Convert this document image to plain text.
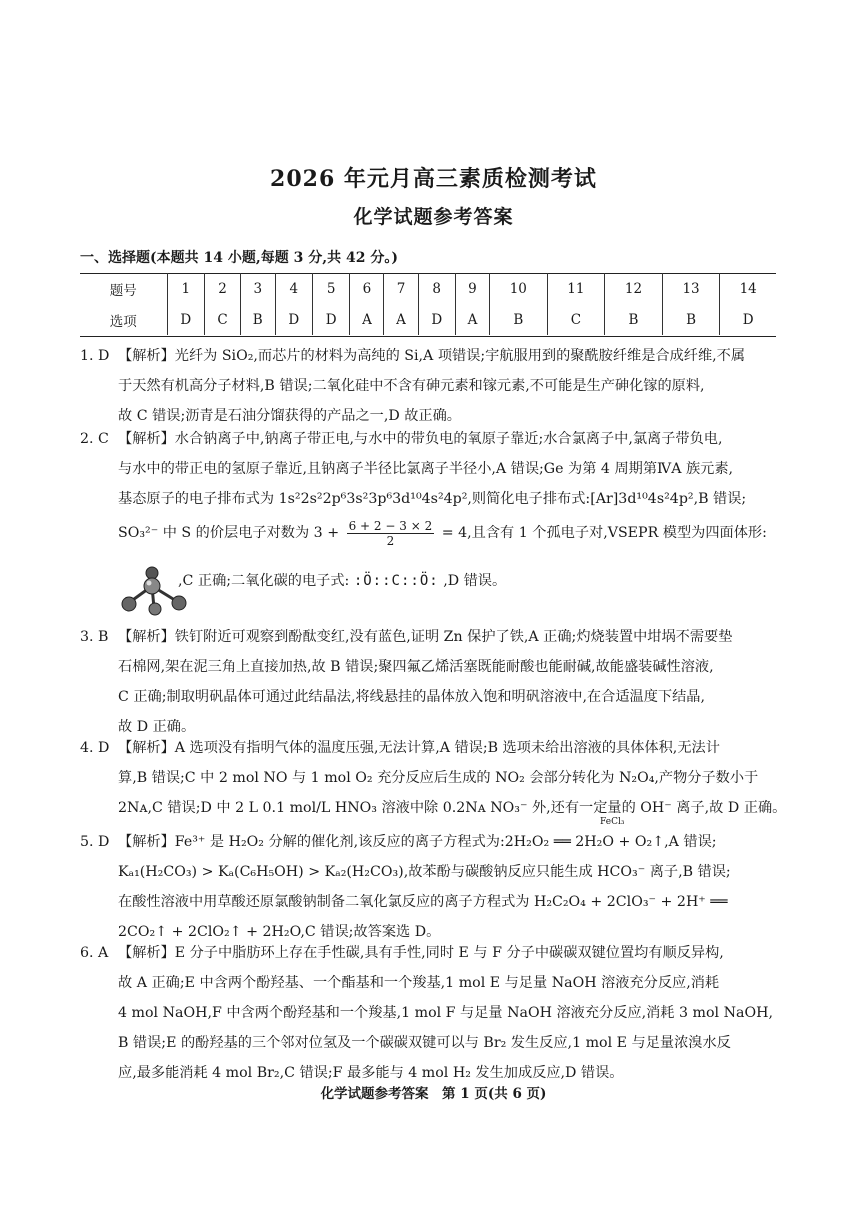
2026 年元月高三素质检测考试
化学试题参考答案
一、选择题(本题共 14 小题,每题 3 分,共 42 分。)
题号	1	2	3	4	5	6	7	8	9	10	11	12	13	14
选项	D	C	B	D	D	A	A	D	A	B	C	B	B	D
1. D 【解析】光纤为 SiO₂,而芯片的材料为高纯的 Si,A 项错误;宇航服用到的聚酰胺纤维是合成纤维,不属
于天然有机高分子材料,B 错误;二氧化硅中不含有砷元素和镓元素,不可能是生产砷化镓的原料,
故 C 错误;沥青是石油分馏获得的产品之一,D 故正确。
2. C 【解析】水合钠离子中,钠离子带正电,与水中的带负电的氧原子靠近;水合氯离子中,氯离子带负电,
与水中的带正电的氢原子靠近,且钠离子半径比氯离子半径小,A 错误;Ge 为第 4 周期第ⅣA 族元素,
基态原子的电子排布式为 1s²2s²2p⁶3s²3p⁶3d¹⁰4s²4p²,则简化电子排布式:[Ar]3d¹⁰4s²4p²,B 错误;
SO₃²⁻ 中 S 的价层电子对数为 $3 + \frac{6 + 2 - 3 \times 2}{2} = 4$,且含有 1 个孤电子对,VSEPR 模型为四面体形:
,C 正确;二氧化碳的电子式: :Ö::C::Ö: ,D 错误。
3. B 【解析】铁钉附近可观察到酚酞变红,没有蓝色,证明 Zn 保护了铁,A 正确;灼烧装置中坩埚不需要垫
石棉网,架在泥三角上直接加热,故 B 错误;聚四氟乙烯活塞既能耐酸也能耐碱,故能盛装碱性溶液,
C 正确;制取明矾晶体可通过此结晶法,将线悬挂的晶体放入饱和明矾溶液中,在合适温度下结晶,
故 D 正确。
4. D 【解析】A 选项没有指明气体的温度压强,无法计算,A 错误;B 选项未给出溶液的具体体积,无法计
算,B 错误;C 中 2 mol NO 与 1 mol O₂ 充分反应后生成的 NO₂ 会部分转化为 N₂O₄,产物分子数小于
2Nᴀ,C 错误;D 中 2 L 0.1 mol/L HNO₃ 溶液中除 0.2Nᴀ NO₃⁻ 外,还有一定量的 OH⁻ 离子,故 D 正确。
5. D 【解析】Fe³⁺ 是 H₂O₂ 分解的催化剂,该反应的离子方程式为:2H₂O₂ ══ 2H₂O + O₂↑,A 错误;
FeCl₃
Kₐ₁(H₂CO₃) > Kₐ(C₆H₅OH) > Kₐ₂(H₂CO₃),故苯酚与碳酸钠反应只能生成 HCO₃⁻ 离子,B 错误;
在酸性溶液中用草酸还原氯酸钠制备二氧化氯反应的离子方程式为 H₂C₂O₄ + 2ClO₃⁻ + 2H⁺ ══
2CO₂↑ + 2ClO₂↑ + 2H₂O,C 错误;故答案选 D。
6. A 【解析】E 分子中脂肪环上存在手性碳,具有手性,同时 E 与 F 分子中碳碳双键位置均有顺反异构,
故 A 正确;E 中含两个酚羟基、一个酯基和一个羧基,1 mol E 与足量 NaOH 溶液充分反应,消耗
4 mol NaOH,F 中含两个酚羟基和一个羧基,1 mol F 与足量 NaOH 溶液充分反应,消耗 3 mol NaOH,
B 错误;E 的酚羟基的三个邻对位氢及一个碳碳双键可以与 Br₂ 发生反应,1 mol E 与足量浓溴水反
应,最多能消耗 4 mol Br₂,C 错误;F 最多能与 4 mol H₂ 发生加成反应,D 错误。
化学试题参考答案　第 1 页(共 6 页)
